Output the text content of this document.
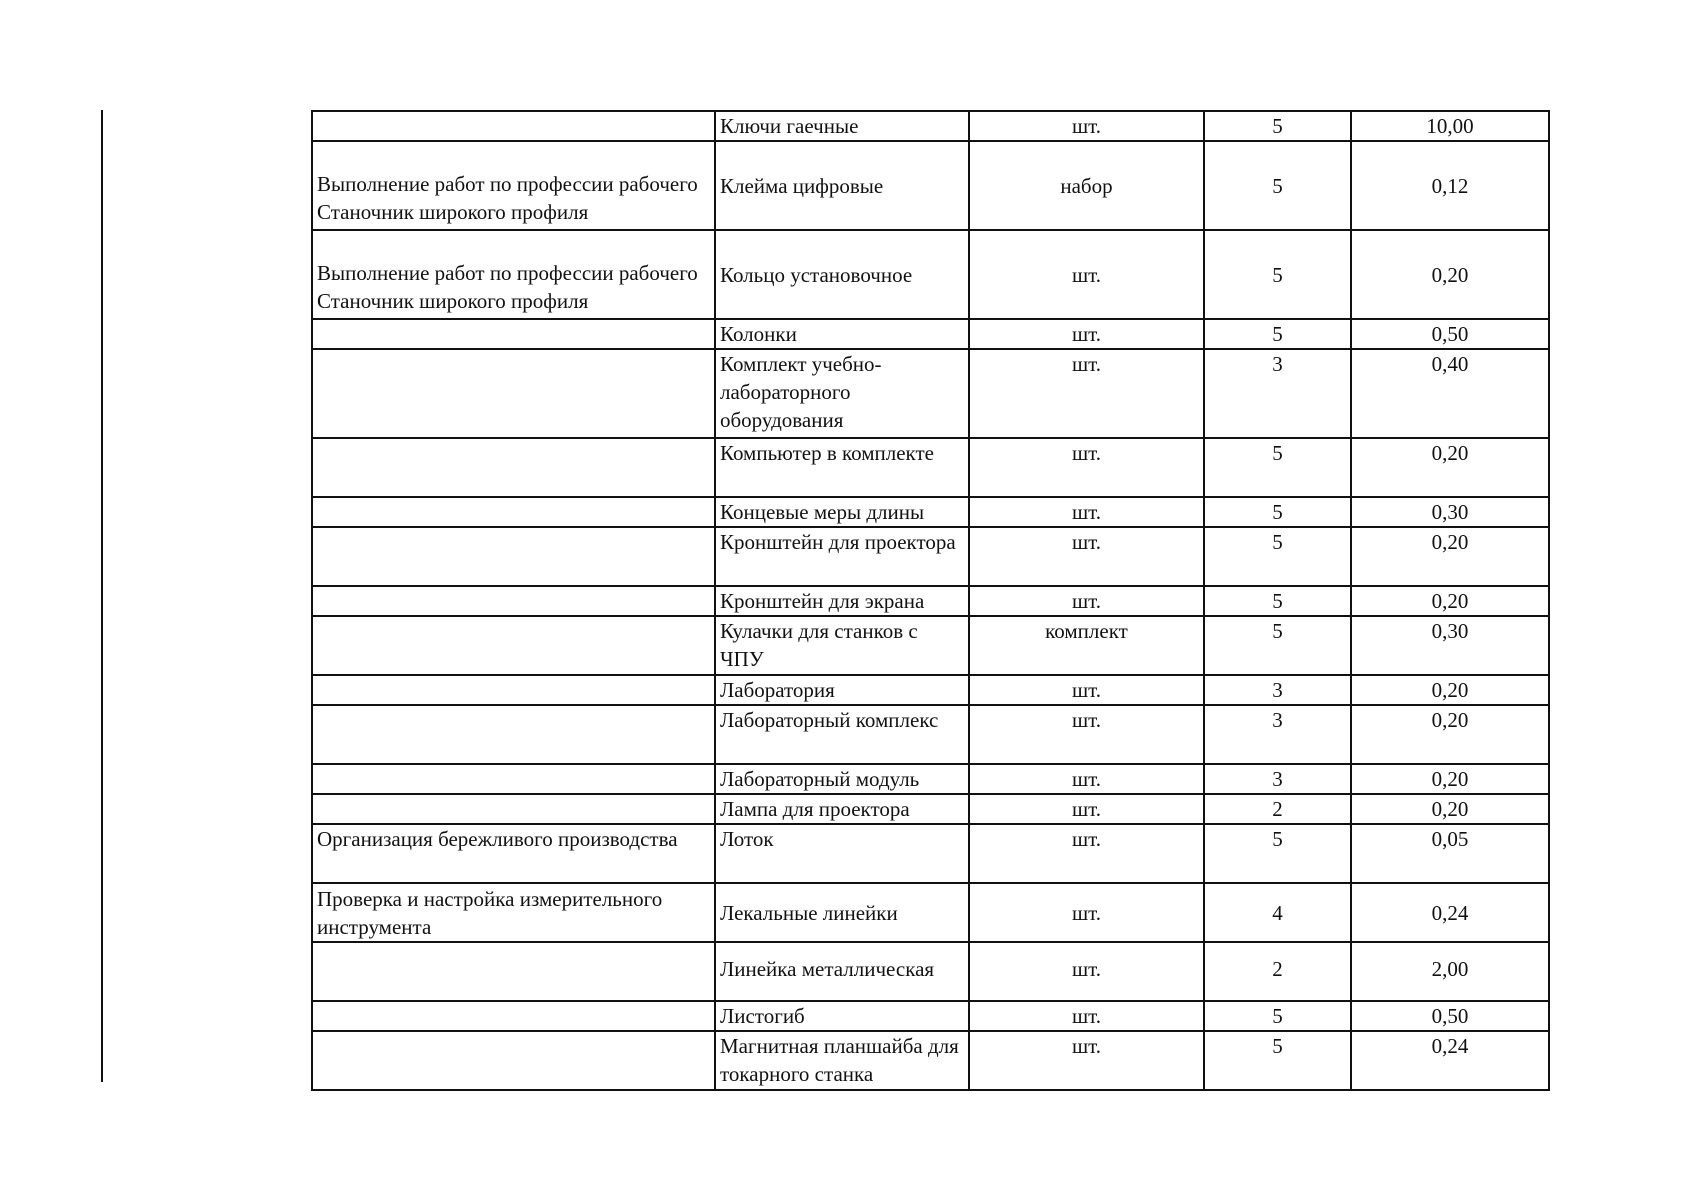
	Ключи гаечные	шт.	5	10,00
Выполнение работ по профессии рабочего Станочник широкого профиля	Клейма цифровые	набор	5	0,12
Выполнение работ по профессии рабочего Станочник широкого профиля	Кольцо установочное	шт.	5	0,20
	Колонки	шт.	5	0,50
	Комплект учебно-лабораторного оборудования	шт.	3	0,40
	Компьютер в комплекте	шт.	5	0,20
	Концевые меры длины	шт.	5	0,30
	Кронштейн для проектора	шт.	5	0,20
	Кронштейн для экрана	шт.	5	0,20
	Кулачки для станков с ЧПУ	комплект	5	0,30
	Лаборатория	шт.	3	0,20
	Лабораторный комплекс	шт.	3	0,20
	Лабораторный модуль	шт.	3	0,20
	Лампа для проектора	шт.	2	0,20
Организация бережливого производства	Лоток	шт.	5	0,05
Проверка и настройка измерительного инструмента	Лекальные линейки	шт.	4	0,24
	Линейка металлическая	шт.	2	2,00
	Листогиб	шт.	5	0,50
	Магнитная планшайба для токарного станка	шт.	5	0,24
